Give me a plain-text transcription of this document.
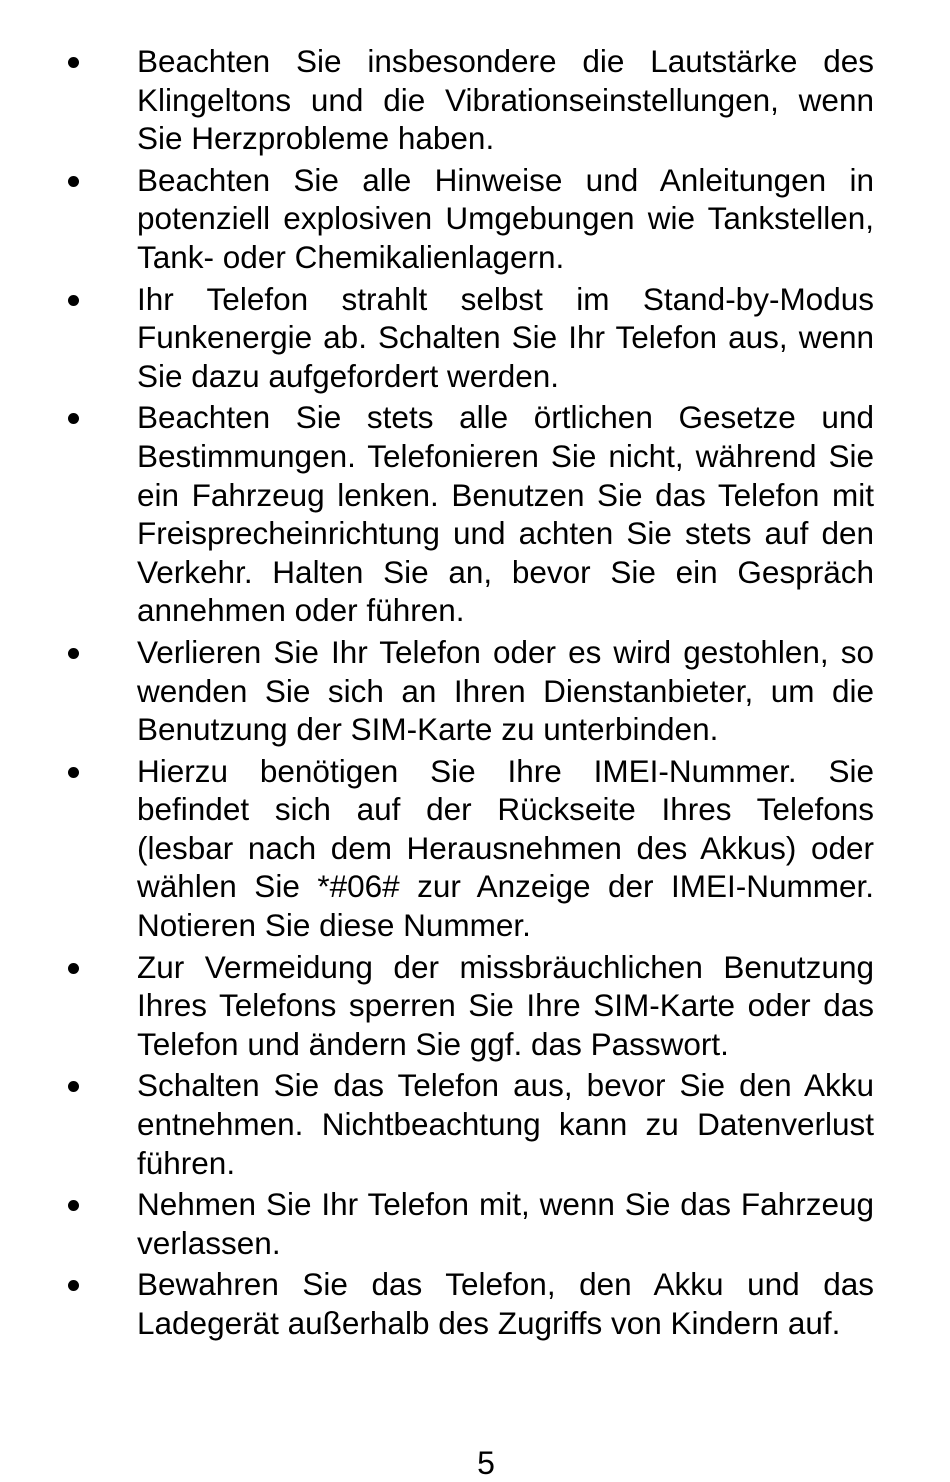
Beachten Sie insbesondere die Lautstärke des Klingeltons und die Vibrationseinstellungen, wenn Sie Herzprobleme haben.
Beachten Sie alle Hinweise und Anleitungen in potenziell explosiven Umgebungen wie Tankstellen, Tank- oder Chemikalienlagern.
Ihr Telefon strahlt selbst im Stand-by-Modus Funkenergie ab. Schalten Sie Ihr Telefon aus, wenn Sie dazu aufgefordert werden.
Beachten Sie stets alle örtlichen Gesetze und Bestimmungen. Telefonieren Sie nicht, während Sie ein Fahrzeug lenken. Benutzen Sie das Telefon mit Freisprecheinrichtung und achten Sie stets auf den Verkehr. Halten Sie an, bevor Sie ein Gespräch annehmen oder führen.
Verlieren Sie Ihr Telefon oder es wird gestohlen, so wenden Sie sich an Ihren Dienstanbieter, um die Benutzung der SIM-Karte zu unterbinden.
Hierzu benötigen Sie Ihre IMEI-Nummer. Sie befindet sich auf der Rückseite Ihres Telefons (lesbar nach dem Herausnehmen des Akkus) oder wählen Sie *#06# zur Anzeige der IMEI-Nummer. Notieren Sie diese Nummer.
Zur Vermeidung der missbräuchlichen Benutzung Ihres Telefons sperren Sie Ihre SIM-Karte oder das Telefon und ändern Sie ggf. das Passwort.
Schalten Sie das Telefon aus, bevor Sie den Akku entnehmen. Nichtbeachtung kann zu Datenverlust führen.
Nehmen Sie Ihr Telefon mit, wenn Sie das Fahrzeug verlassen.
Bewahren Sie das Telefon, den Akku und das Ladegerät außerhalb des Zugriffs von Kindern auf.
5
